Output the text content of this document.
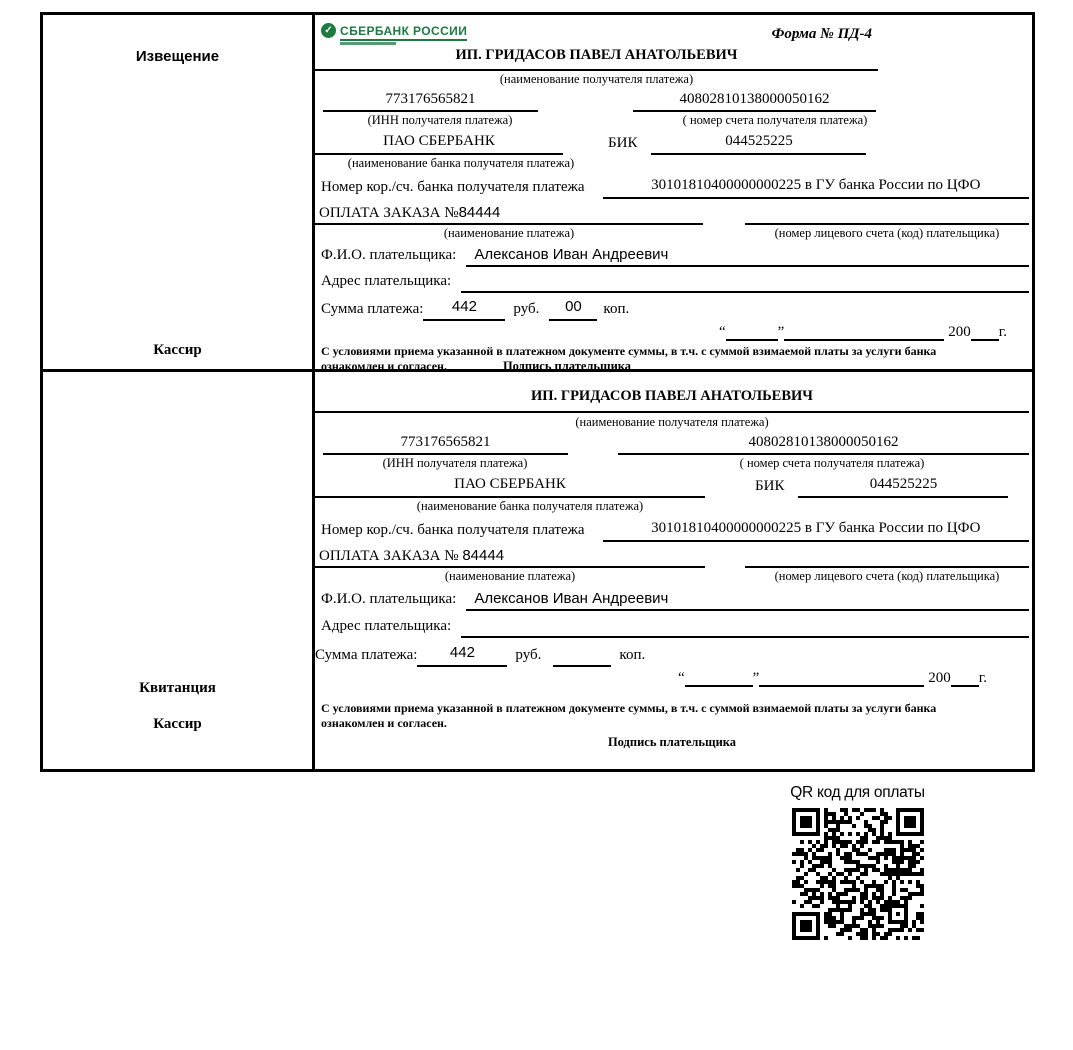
Извещение
Кассир
✓ СБЕРБАНК РОССИИ	Форма № ПД-4
ИП. ГРИДАСОВ ПАВЕЛ АНАТОЛЬЕВИЧ
(наименование получателя платежа)
773176565821	40802810138000050162
(ИНН получателя платежа)	( номер счета получателя платежа)
ПАО СБЕРБАНК	БИК	044525225
(наименование банка получателя платежа)
Номер кор./сч. банка получателя платежа	30101810400000000225 в ГУ банка России по ЦФО
ОПЛАТА ЗАКАЗА №84444
(наименование платежа)	(номер лицевого счета (код) плательщика)
Ф.И.О. плательщика:	Алексанов Иван Андреевич
Адрес плательщика:
Сумма платежа:	442	руб.	00	коп.
“	”	200 г.
С условиями приема указанной в платежном документе суммы, в т.ч. с суммой взимаемой платы за услуги банка
ознакомлен и согласен.	Подпись плательщика
Квитанция
Кассир
ИП. ГРИДАСОВ ПАВЕЛ АНАТОЛЬЕВИЧ
(наименование получателя платежа)
773176565821	40802810138000050162
(ИНН получателя платежа)	( номер счета получателя платежа)
ПАО СБЕРБАНК	БИК	044525225
(наименование банка получателя платежа)
Номер кор./сч. банка получателя платежа	30101810400000000225 в ГУ банка России по ЦФО
ОПЛАТА ЗАКАЗА № 84444
(наименование платежа)	(номер лицевого счета (код) плательщика)
Ф.И.О. плательщика:	Алексанов Иван Андреевич
Адрес плательщика:
Сумма платежа:	442	руб.	коп.
“	”	200 г.
С условиями приема указанной в платежном документе суммы, в т.ч. с суммой взимаемой платы за услуги банка
ознакомлен и согласен.
Подпись плательщика
QR код для оплаты
